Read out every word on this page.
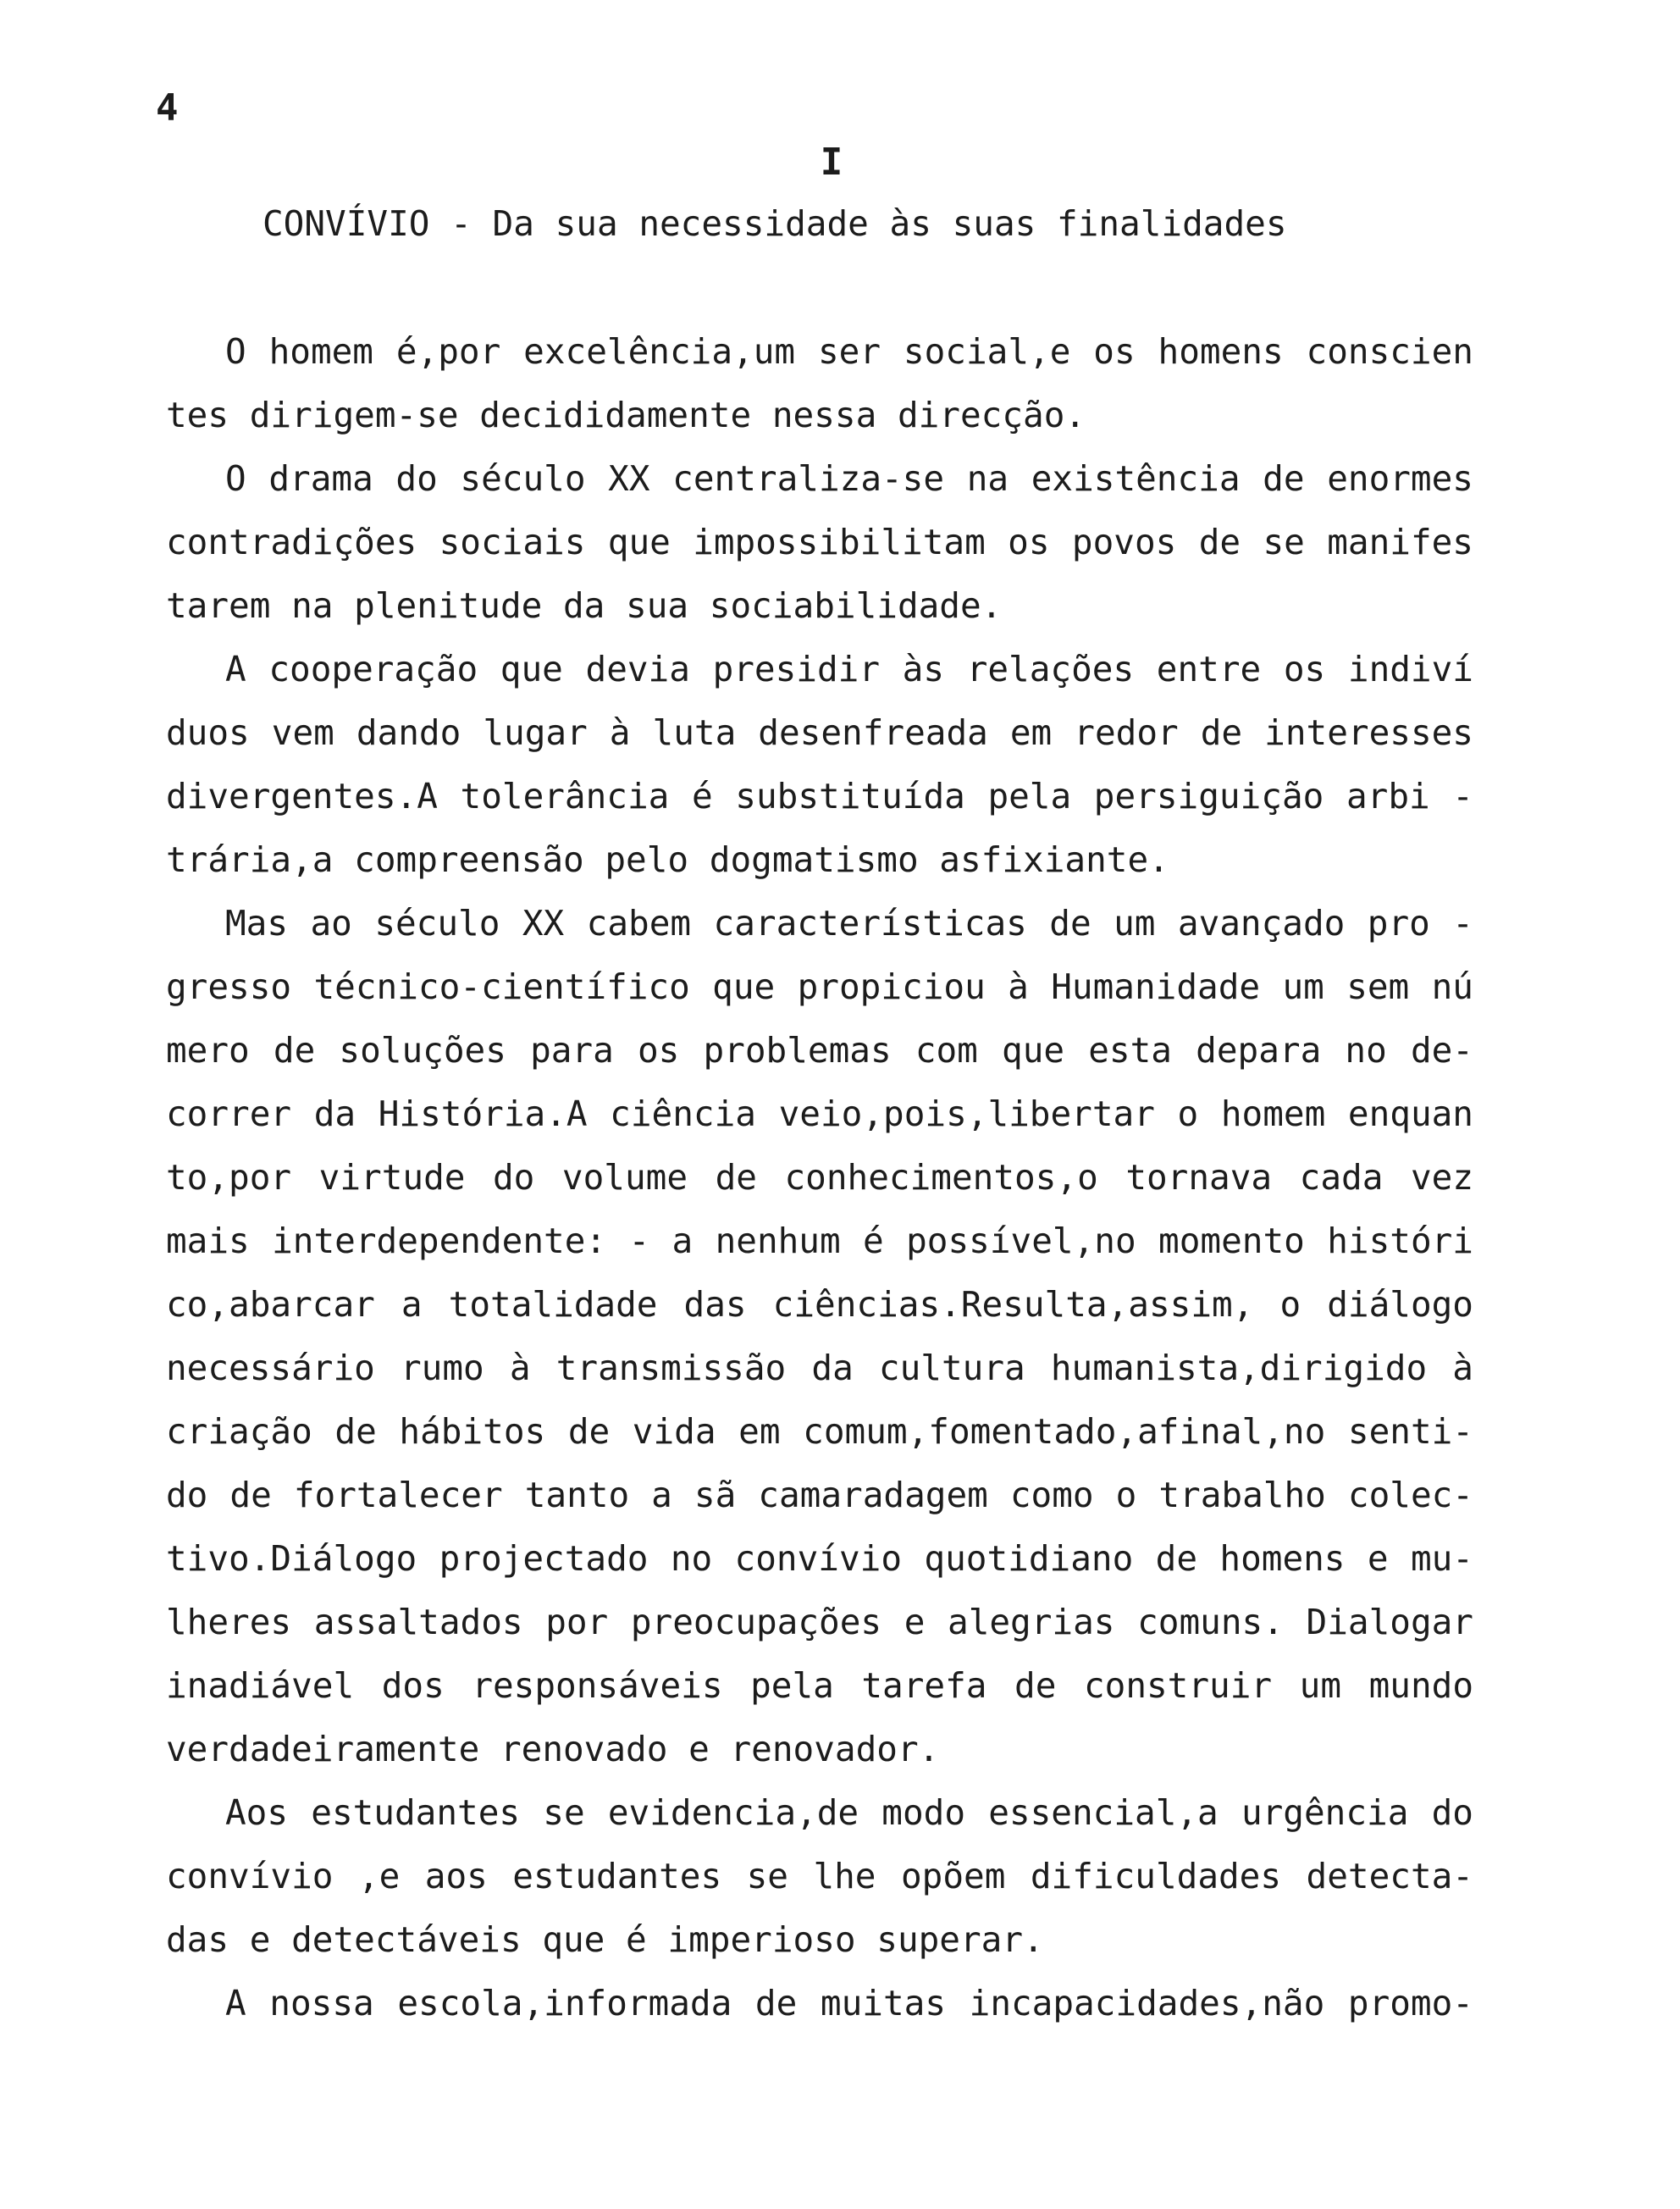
4
I
CONVÍVIO - Da sua necessidade às suas finalidades
O homem é,por excelência,um ser social,e os homens conscien
tes dirigem-se decididamente nessa direcção.
O drama do século XX centraliza-se na existência de enormes
contradições sociais que impossibilitam os povos de se manifes
tarem na plenitude da sua sociabilidade.
A cooperação que devia presidir às relações entre os indiví
duos vem dando lugar à luta desenfreada em redor de interesses
divergentes.A tolerância é substituída pela persiguição arbi -
trária,a compreensão pelo dogmatismo asfixiante.
Mas ao século XX cabem características de um avançado pro -
gresso técnico-científico que propiciou à Humanidade um sem nú
mero de soluções para os problemas com que esta depara no de-
correr da História.A ciência veio,pois,libertar o homem enquan
to,por virtude do volume de conhecimentos,o tornava cada vez
mais interdependente: - a nenhum é possível,no momento históri
co,abarcar a totalidade das ciências.Resulta,assim, o diálogo
necessário rumo à transmissão da cultura humanista,dirigido à
criação de hábitos de vida em comum,fomentado,afinal,no senti-
do de fortalecer tanto a sã camaradagem como o trabalho colec-
tivo.Diálogo projectado no convívio quotidiano de homens e mu-
lheres assaltados por preocupações e alegrias comuns. Dialogar
inadiável dos responsáveis pela tarefa de construir um mundo
verdadeiramente renovado e renovador.
Aos estudantes se evidencia,de modo essencial,a urgência do
convívio ,e aos estudantes se lhe opõem dificuldades detecta-
das e detectáveis que é imperioso superar.
A nossa escola,informada de muitas incapacidades,não promo-
